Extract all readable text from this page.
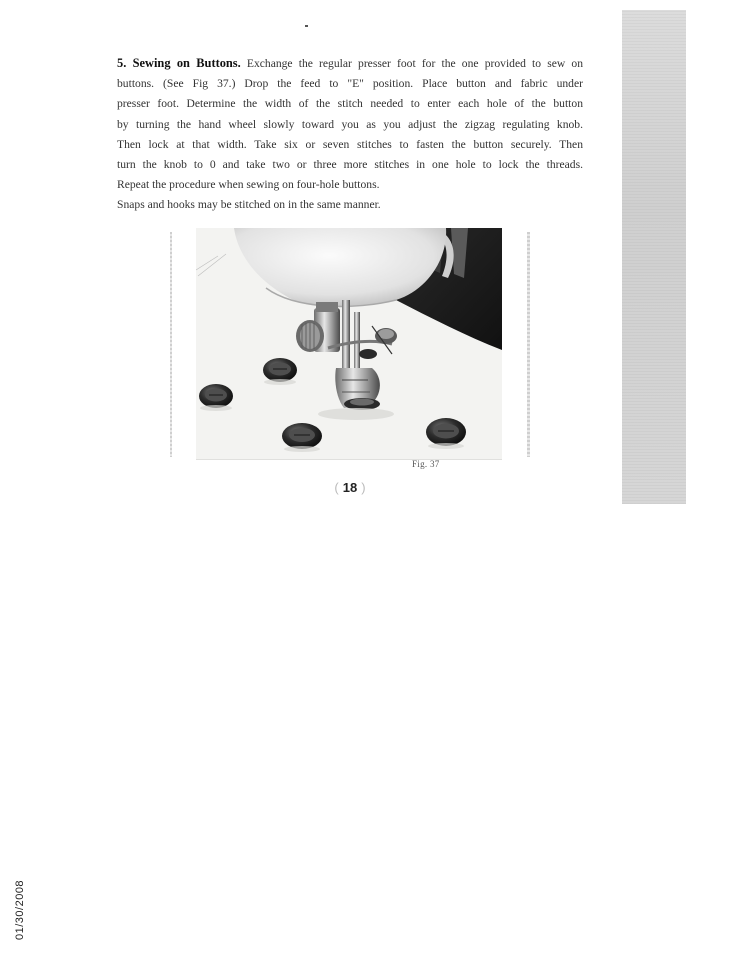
5. Sewing on Buttons. Exchange the regular presser foot for the one provided to sew on

buttons. (See Fig 37.) Drop the feed to "E" position. Place button and fabric under

presser foot. Determine the width of the stitch needed to enter each hole of the button

by turning the hand wheel slowly toward you as you adjust the zigzag regulating knob.

Then lock at that width. Take six or seven stitches to fasten the button securely. Then

turn the knob to 0 and take two or three more stitches in one hole to lock the threads.

Repeat the procedure when sewing on four-hole buttons.

Snaps and hooks may be stitched on in the same manner.

Fig. 37
( 18 )
01/30/2008
